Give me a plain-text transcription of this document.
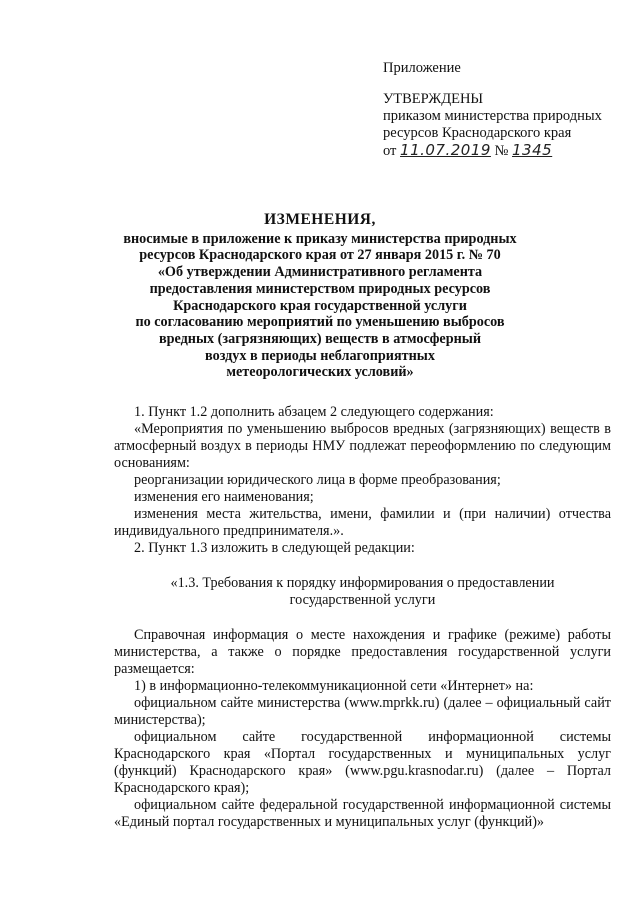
Приложение
УТВЕРЖДЕНЫ
приказом министерства природных
ресурсов Краснодарского края
от 11.07.2019 № 1345
ИЗМЕНЕНИЯ,
вносимые в приложение к приказу министерства природных
ресурсов Краснодарского края от 27 января 2015 г. № 70
«Об утверждении Административного регламента
предоставления министерством природных ресурсов
Краснодарского края государственной услуги
по согласованию мероприятий по уменьшению выбросов
вредных (загрязняющих) веществ в атмосферный
воздух в периоды неблагоприятных
метеорологических условий»

1. Пункт 1.2 дополнить абзацем 2 следующего содержания:

«Мероприятия по уменьшению выбросов вредных (загрязняющих) веществ в атмосферный воздух в периоды НМУ подлежат переоформлению по следующим основаниям:

реорганизации юридического лица в форме преобразования;

изменения его наименования;

изменения места жительства, имени, фамилии и (при наличии) отчества индивидуального предпринимателя.».

2. Пункт 1.3 изложить в следующей редакции:

«1.3. Требования к порядку информирования о предоставлении

государственной услуги

Справочная информация о месте нахождения и графике (режиме) работы министерства, а также о порядке предоставления государственной услуги размещается:

1) в информационно-телекоммуникационной сети «Интернет» на:

официальном сайте министерства (www.mprkk.ru) (далее – официальный сайт министерства);

официальном сайте государственной информационной системы Краснодарского края «Портал государственных и муниципальных услуг (функций) Краснодарского края» (www.pgu.krasnodar.ru) (далее – Портал Краснодарского края);

официальном сайте федеральной государственной информационной системы «Единый портал государственных и муниципальных услуг (функций)»
